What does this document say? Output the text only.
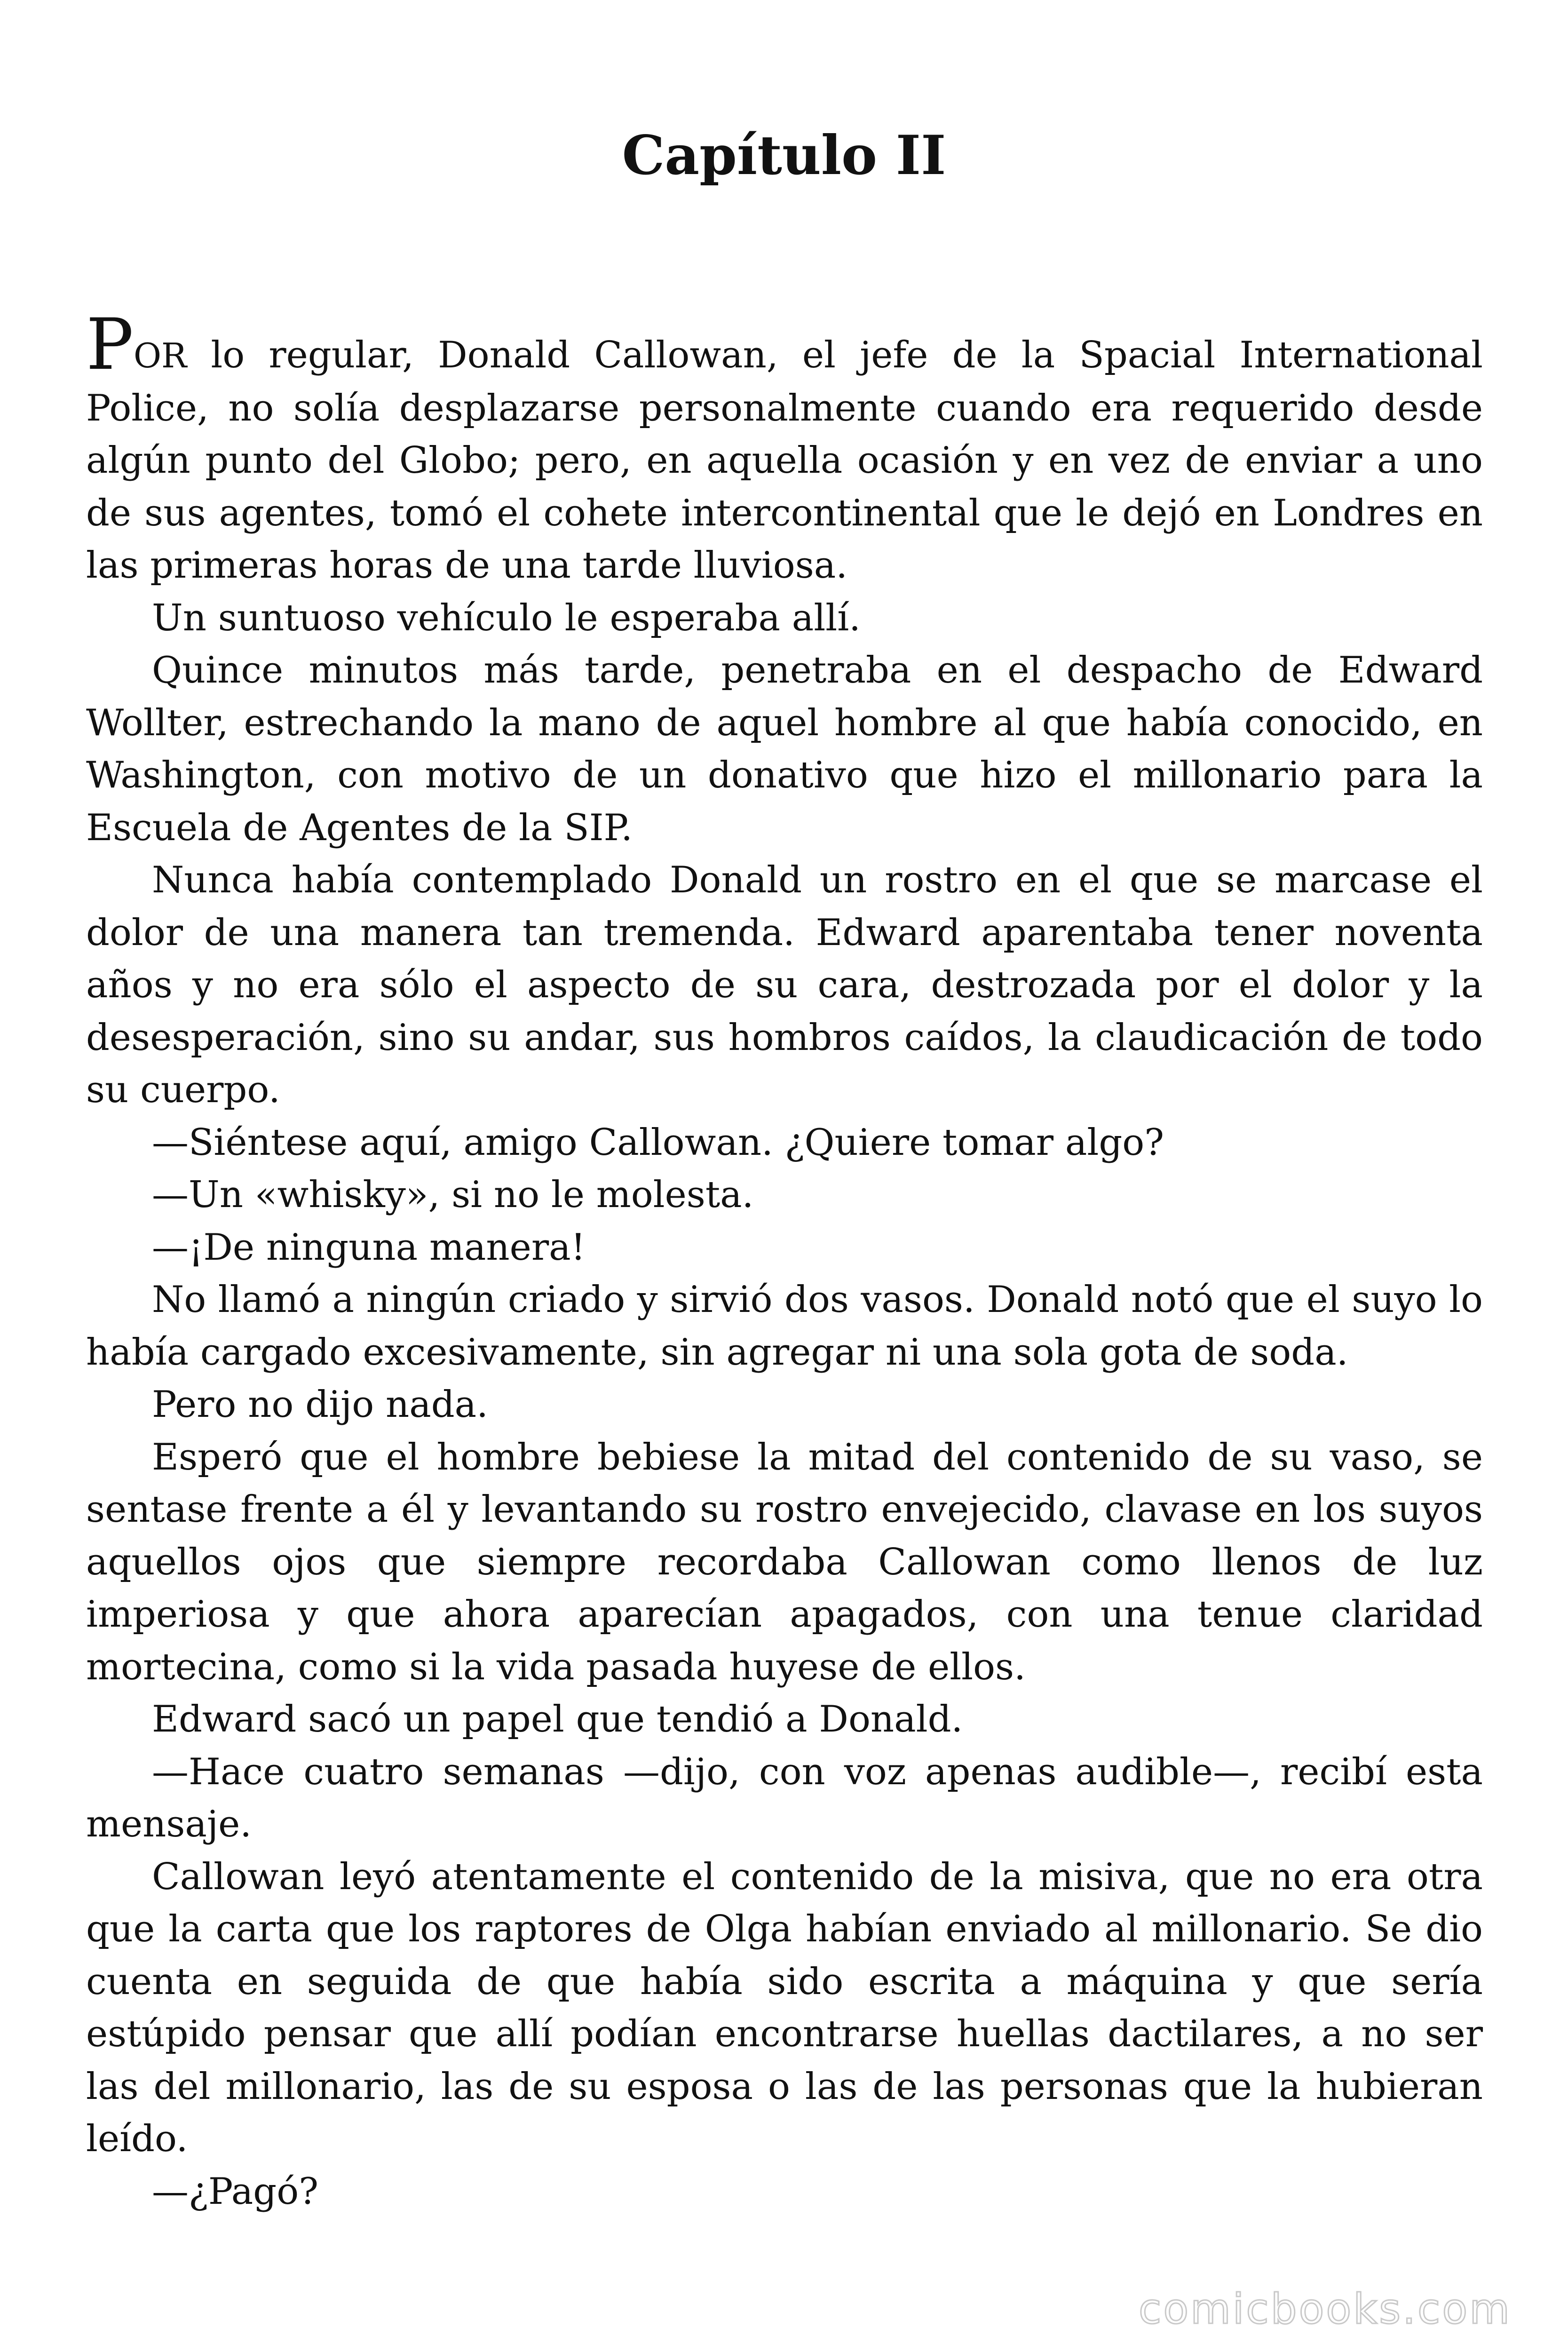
Capítulo II

POR lo regular, Donald Callowan, el jefe de la Spacial International Police, no solía desplazarse personalmente cuando era requerido desde algún punto del Globo; pero, en aquella ocasión y en vez de enviar a uno de sus agentes, tomó el cohete intercontinental que le dejó en Londres en las primeras horas de una tarde lluviosa.

Un suntuoso vehículo le esperaba allí.

Quince minutos más tarde, penetraba en el despacho de Edward Wollter, estrechando la mano de aquel hombre al que había conocido, en Washington, con motivo de un donativo que hizo el millonario para la Escuela de Agentes de la SIP.

Nunca había contemplado Donald un rostro en el que se marcase el dolor de una manera tan tremenda. Edward aparentaba tener noventa años y no era sólo el aspecto de su cara, destrozada por el dolor y la desesperación, sino su andar, sus hombros caídos, la claudicación de todo su cuerpo.

—Siéntese aquí, amigo Callowan. ¿Quiere tomar algo?

—Un «whisky», si no le molesta.

—¡De ninguna manera!

No llamó a ningún criado y sirvió dos vasos. Donald notó que el suyo lo había cargado excesivamente, sin agregar ni una sola gota de soda.

Pero no dijo nada.

Esperó que el hombre bebiese la mitad del contenido de su vaso, se sentase frente a él y levantando su rostro envejecido, clavase en los suyos aquellos ojos que siempre recordaba Callowan como llenos de luz imperiosa y que ahora aparecían apagados, con una tenue claridad mortecina, como si la vida pasada huyese de ellos.

Edward sacó un papel que tendió a Donald.

—Hace cuatro semanas —dijo, con voz apenas audible—, recibí esta mensaje.

Callowan leyó atentamente el contenido de la misiva, que no era otra que la carta que los raptores de Olga habían enviado al millonario. Se dio cuenta en seguida de que había sido escrita a máquina y que sería estúpido pensar que allí podían encontrarse huellas dactilares, a no ser las del millonario, las de su esposa o las de las personas que la hubieran leído.

—¿Pagó?

comicbooks.com
